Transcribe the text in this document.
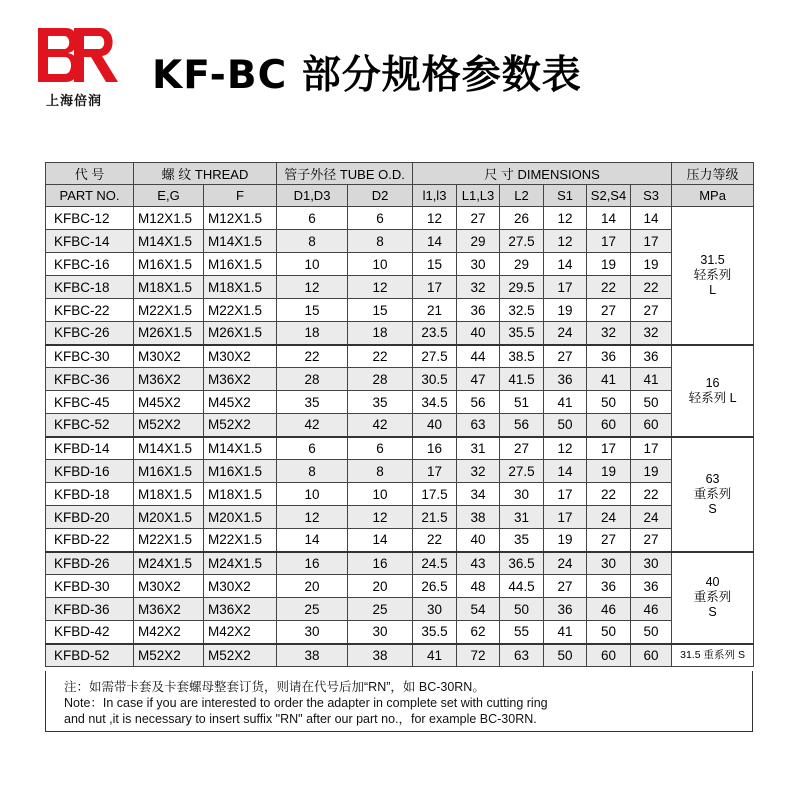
上海倍润
KF-BC 部分规格参数表
代 号	螺 纹 THREAD		管子外径 TUBE O.D.		尺 寸 DIMENSIONS						压力等级
PART NO.	E,G	F	D1,D3	D2	l1,l3	L1,L3	L2	S1	S2,S4	S3	MPa
KFBC-12	M12X1.5	M12X1.5	6	6	12	27	26	12	14	14	31.5
轻系列
L

KFBC-14	M14X1.5	M14X1.5	8	8	14	29	27.5	12	17	17	
KFBC-16	M16X1.5	M16X1.5	10	10	15	30	29	14	19	19	
KFBC-18	M18X1.5	M18X1.5	12	12	17	32	29.5	17	22	22	
KFBC-22	M22X1.5	M22X1.5	15	15	21	36	32.5	19	27	27	
KFBC-26	M26X1.5	M26X1.5	18	18	23.5	40	35.5	24	32	32	
KFBC-30	M30X2	M30X2	22	22	27.5	44	38.5	27	36	36	16
轻系列 L

KFBC-36	M36X2	M36X2	28	28	30.5	47	41.5	36	41	41	
KFBC-45	M45X2	M45X2	35	35	34.5	56	51	41	50	50	
KFBC-52	M52X2	M52X2	42	42	40	63	56	50	60	60	
KFBD-14	M14X1.5	M14X1.5	6	6	16	31	27	12	17	17	63
重系列
S

KFBD-16	M16X1.5	M16X1.5	8	8	17	32	27.5	14	19	19	
KFBD-18	M18X1.5	M18X1.5	10	10	17.5	34	30	17	22	22	
KFBD-20	M20X1.5	M20X1.5	12	12	21.5	38	31	17	24	24	
KFBD-22	M22X1.5	M22X1.5	14	14	22	40	35	19	27	27	
KFBD-26	M24X1.5	M24X1.5	16	16	24.5	43	36.5	24	30	30	40
重系列
S

KFBD-30	M30X2	M30X2	20	20	26.5	48	44.5	27	36	36	
KFBD-36	M36X2	M36X2	25	25	30	54	50	36	46	46	
KFBD-42	M42X2	M42X2	30	30	35.5	62	55	41	50	50	
KFBD-52	M52X2	M52X2	38	38	41	72	63	50	60	60	31.5 重系列 S
注：如需带卡套及卡套螺母整套订货，则请在代号后加“RN”，如 BC-30RN。
Note：In case if you are interested to order the adapter in complete set with cutting ring
and nut ,it is necessary to insert suffix "RN" after our part no.，for example BC-30RN.
